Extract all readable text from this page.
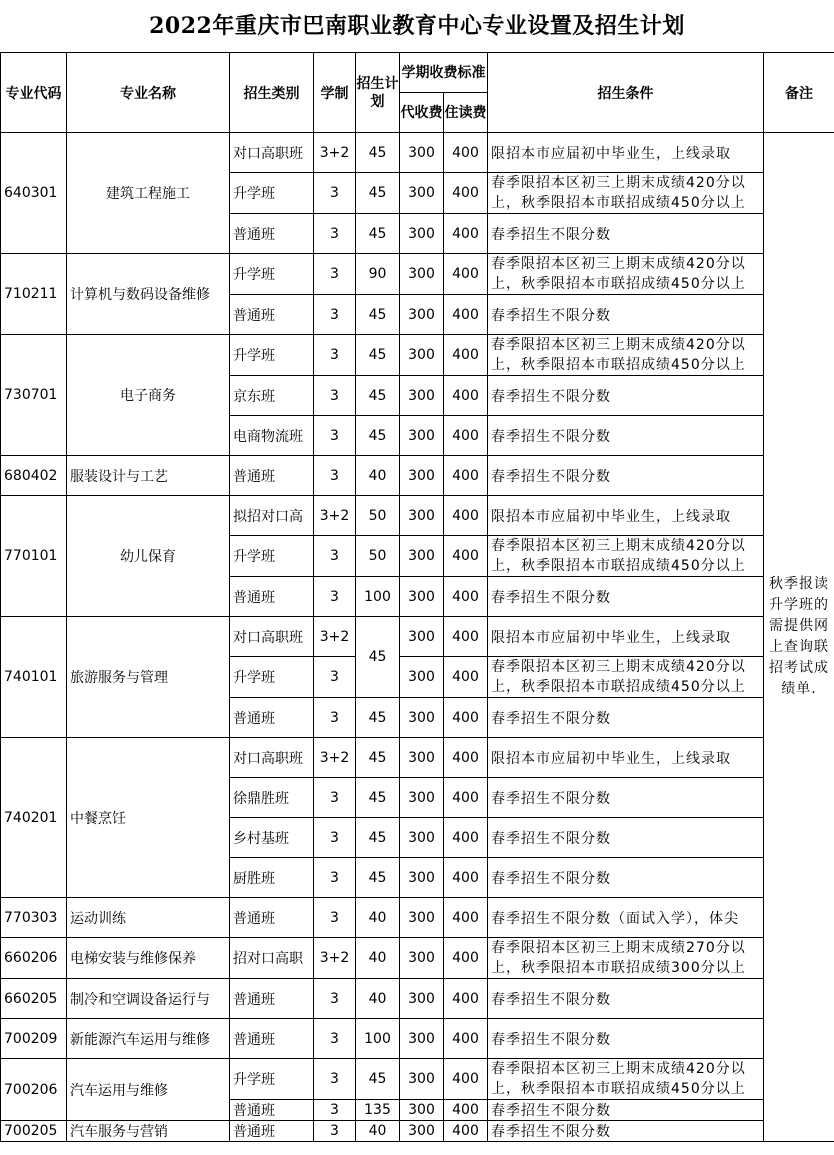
2022年重庆市巴南职业教育中心专业设置及招生计划
专业代码	专业名称	招生类别	学制	招生计划	学期收费标准		招生条件	备注
					代收费	住读费		
640301	建筑工程施工	对口高职班	3+2	45	300	400	限招本市应届初中毕业生，上线录取	秋季报读升学班的需提供网上查询联招考试成绩单.
		升学班	3	45	300	400	春季限招本区初三上期末成绩420分以上，秋季限招本市联招成绩450分以上	
		普通班	3	45	300	400	春季招生不限分数	
710211	计算机与数码设备维修	升学班	3	90	300	400	春季限招本区初三上期末成绩420分以上，秋季限招本市联招成绩450分以上	
		普通班	3	45	300	400	春季招生不限分数	
730701	电子商务	升学班	3	45	300	400	春季限招本区初三上期末成绩420分以上，秋季限招本市联招成绩450分以上	
		京东班	3	45	300	400	春季招生不限分数	
		电商物流班	3	45	300	400	春季招生不限分数	
680402	服装设计与工艺	普通班	3	40	300	400	春季招生不限分数	
770101	幼儿保育	拟招对口高	3+2	50	300	400	限招本市应届初中毕业生，上线录取	
		升学班	3	50	300	400	春季限招本区初三上期末成绩420分以上，秋季限招本市联招成绩450分以上	
		普通班	3	100	300	400	春季招生不限分数	
740101	旅游服务与管理	对口高职班	3+2	45	300	400	限招本市应届初中毕业生，上线录取	
		升学班	3		300	400	春季限招本区初三上期末成绩420分以上，秋季限招本市联招成绩450分以上	
		普通班	3	45	300	400	春季招生不限分数	
740201	中餐烹饪	对口高职班	3+2	45	300	400	限招本市应届初中毕业生，上线录取	
		徐鼎胜班	3	45	300	400	春季招生不限分数	
		乡村基班	3	45	300	400	春季招生不限分数	
		厨胜班	3	45	300	400	春季招生不限分数	
770303	运动训练	普通班	3	40	300	400	春季招生不限分数（面试入学），体尖	
660206	电梯安装与维修保养	招对口高职	3+2	40	300	400	春季限招本区初三上期末成绩270分以上，秋季限招本市联招成绩300分以上	
660205	制冷和空调设备运行与	普通班	3	40	300	400	春季招生不限分数	
700209	新能源汽车运用与维修	普通班	3	100	300	400	春季招生不限分数	
700206	汽车运用与维修	升学班	3	45	300	400	春季限招本区初三上期末成绩420分以上，秋季限招本市联招成绩450分以上	
		普通班	3	135	300	400	春季招生不限分数	
700205	汽车服务与营销	普通班	3	40	300	400	春季招生不限分数	
